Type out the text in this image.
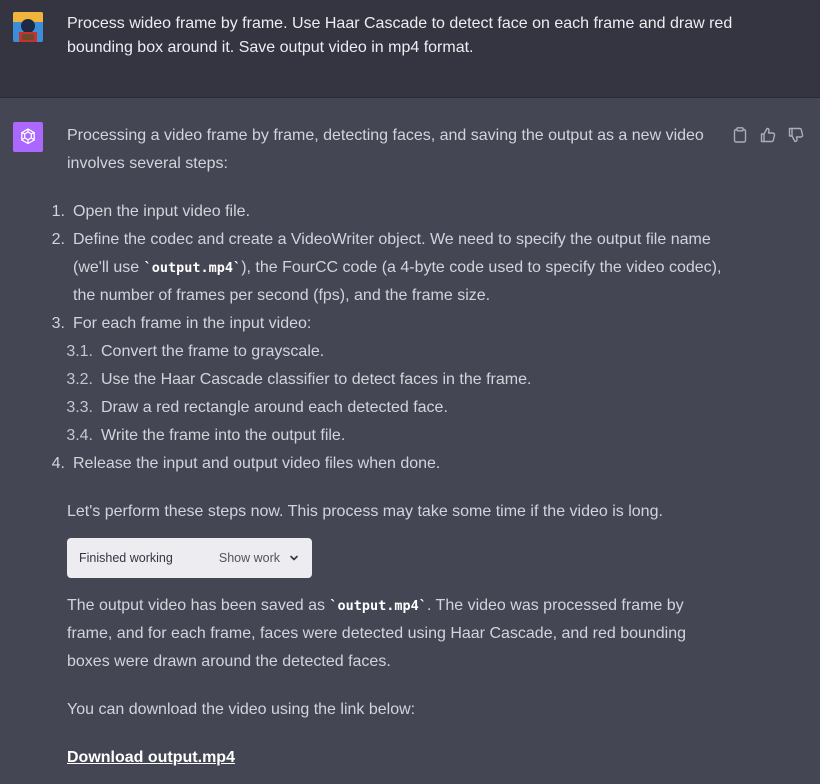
Process wideo frame by frame. Use Haar Cascade to detect face on each frame and draw red bounding box around it. Save output video in mp4 format.

Processing a video frame by frame, detecting faces, and saving the output as a new video involves several steps:

1. Open the input video file.
2. Define the codec and create a VideoWriter object. We need to specify the output file name (we'll use `output.mp4`), the FourCC code (a 4-byte code used to specify the video codec), the number of frames per second (fps), and the frame size.
3. For each frame in the input video:
3.1. Convert the frame to grayscale.
3.2. Use the Haar Cascade classifier to detect faces in the frame.
3.3. Draw a red rectangle around each detected face.
3.4. Write the frame into the output file.
4. Release the input and output video files when done.

Let's perform these steps now. This process may take some time if the video is long.

Finished working	Show work

The output video has been saved as `output.mp4`. The video was processed frame by frame, and for each frame, faces were detected using Haar Cascade, and red bounding boxes were drawn around the detected faces.

You can download the video using the link below:

Download output.mp4
